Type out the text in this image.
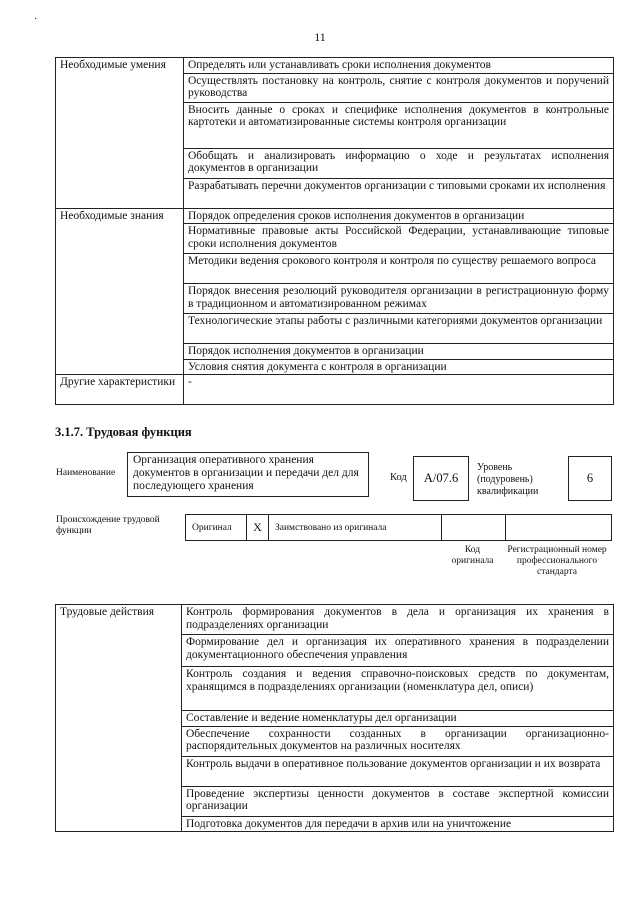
·
11
Необходимые умения	Определять или устанавливать сроки исполнения документов
	Осуществлять постановку на контроль, снятие с контроля документов и поручений руководства
	Вносить данные о сроках и специфике исполнения документов в контрольные картотеки и автоматизированные системы контроля организации
	Обобщать и анализировать информацию о ходе и результатах исполнения документов в организации
	Разрабатывать перечни документов организации с типовыми сроками их исполнения
Необходимые знания	Порядок определения сроков исполнения документов в организации
	Нормативные правовые акты Российской Федерации, устанавливающие типовые сроки исполнения документов
	Методики ведения срокового контроля и контроля по существу решаемого вопроса
	Порядок внесения резолюций руководителя организации в регистрационную форму в традиционном и автоматизированном режимах
	Технологические этапы работы с различными категориями документов организации
	Порядок исполнения документов в организации
	Условия снятия документа с контроля в организации
Другие характеристики	-
3.1.7. Трудовая функция
Наименование
Организация оперативного хранения документов в организации и передачи дел для последующего хранения
Код A/07.6
Уровень (подуровень) квалификации
6
Происхождение трудовой функции	Оригинал X Заимствовано из оригинала
Код оригинала
Регистрационный номер профессионального стандарта
Трудовые действия	Контроль формирования документов в дела и организация их хранения в подразделениях организации
Формирование дел и организация их оперативного хранения в подразделении документационного обеспечения управления
Контроль создания и ведения справочно-поисковых средств по документам, хранящимся в подразделениях организации (номенклатура дел, описи)
Составление и ведение номенклатуры дел организации
Обеспечение сохранности созданных в организации организационно-распорядительных документов на различных носителях
Контроль выдачи в оперативное пользование документов организации и их возврата
Проведение экспертизы ценности документов в составе экспертной комиссии организации
Подготовка документов для передачи в архив или на уничтожение
